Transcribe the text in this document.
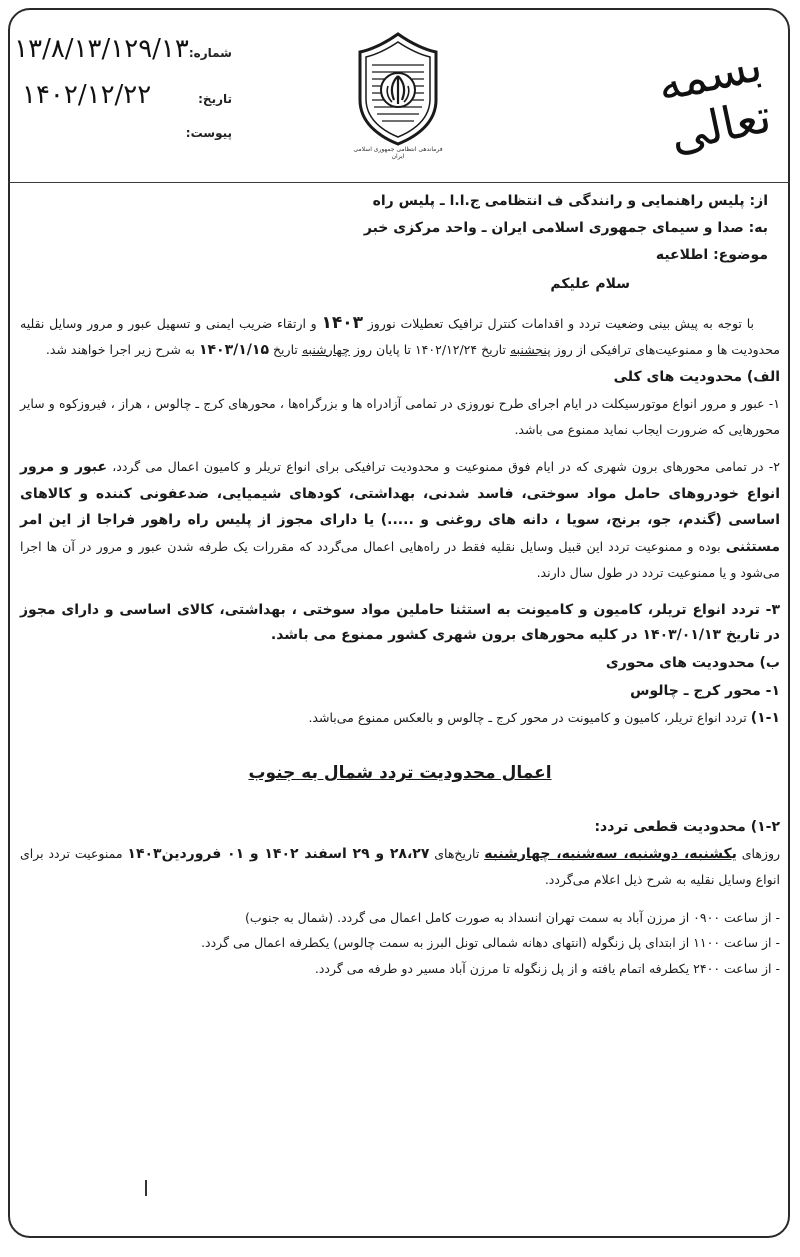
بسمه تعالی
فرماندهی انتظامی جمهوری اسلامی ایران
شماره:
۱۳/۸/۱۳/۱۲۹/۱۳
تاریخ:
۱۴۰۲/۱۲/۲۲
پیوست:
از: پلیس راهنمایی و رانندگی ف انتظامی ج.ا.ا ـ پلیس راه
به: صدا و سیمای جمهوری اسلامی ایران ـ واحد مرکزی خبر
موضوع: اطلاعیه
سلام علیکم

با توجه به پیش بینی وضعیت تردد و اقدامات کنترل ترافیک تعطیلات نوروز ۱۴۰۳ و ارتقاء ضریب ایمنی و تسهیل عبور و مرور وسایل نقلیه محدودیت ها و ممنوعیت‌های ترافیکی از روز پنجشنبه تاریخ ۱۴۰۲/۱۲/۲۴ تا پایان روز چهارشنبه تاریخ ۱۴۰۳/۱/۱۵ به شرح زیر اجرا خواهند شد.

الف) محدودیت های کلی

۱- عبور و مرور انواع موتورسیکلت در ایام اجرای طرح نوروزی در تمامی آزادراه ها و بزرگراه‌ها ، محورهای کرج ـ چالوس ، هراز ، فیروزکوه و سایر محورهایی که ضرورت ایجاب نماید ممنوع می باشد.

۲- در تمامی محورهای برون شهری که در ایام فوق ممنوعیت و محدودیت ترافیکی برای انواع تریلر و کامیون اعمال می گردد، عبور و مرور انواع خودروهای حامل مواد سوختی، فاسد شدنی، بهداشتی، کودهای شیمیایی، ضدعفونی کننده و کالاهای اساسی (گندم، جو، برنج، سویا ، دانه های روغنی و .....) یا دارای مجوز از پلیس راه راهور فراجا از این امر مستثنی بوده و ممنوعیت تردد این قبیل وسایل نقلیه فقط در راه‌هایی اعمال می‌گردد که مقررات یک طرفه شدن عبور و مرور در آن ها اجرا می‌شود و یا ممنوعیت تردد در طول سال دارند.

۳- تردد انواع تریلر، کامیون و کامیونت به استثنا حاملین مواد سوختی ، بهداشتی، کالای اساسی و دارای مجوز در تاریخ ۱۴۰۳/۰۱/۱۳ در کلیه محورهای برون شهری کشور ممنوع می باشد.

ب) محدودیت های محوری
۱- محور کرج ـ چالوس

۱-۱) تردد انواع تریلر، کامیون و کامیونت در محور کرج ـ چالوس و بالعکس ممنوع می‌باشد.

اعمال محدودیت تردد شمال به جنوب
۱-۲) محدودیت قطعی تردد:

روزهای یکشنبه، دوشنبه، سه‌شنبه، چهارشنبه تاریخ‌های ۲۸،۲۷ و ۲۹ اسفند ۱۴۰۲ و ۰۱ فروردین۱۴۰۳ ممنوعیت تردد برای انواع وسایل نقلیه به شرح ذیل اعلام می‌گردد.

- از ساعت ۰۹۰۰ از مرزن آباد به سمت تهران انسداد به صورت کامل اعمال می گردد. (شمال به جنوب)

- از ساعت ۱۱۰۰ از ابتدای پل زنگوله (انتهای دهانه شمالی تونل البرز به سمت چالوس) یکطرفه اعمال می گردد.

- از ساعت ۲۴۰۰ یکطرفه اتمام یافته و از پل زنگوله تا مرزن آباد مسیر دو طرفه می گردد.
